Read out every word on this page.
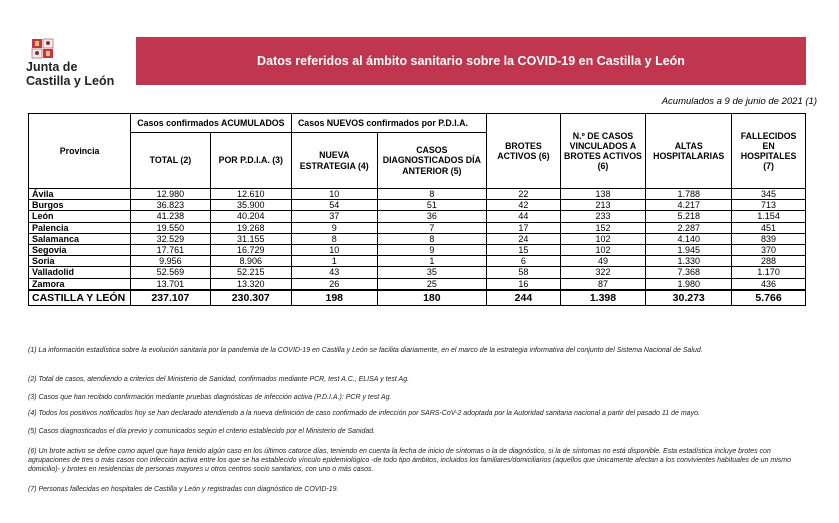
Junta de
Castilla y León
Datos referidos al ámbito sanitario sobre la COVID-19 en Castilla y León
Acumulados a 9 de junio de 2021 (1)
Provincia	Casos confirmados ACUMULADOS		Casos NUEVOS confirmados por P.D.I.A.		BROTES ACTIVOS (6)	N.º DE CASOS VINCULADOS A BROTES ACTIVOS (6)	ALTAS HOSPITALARIAS	FALLECIDOS EN HOSPITALES (7)
	TOTAL (2)	POR P.D.I.A. (3)	NUEVA ESTRATEGIA (4)	CASOS DIAGNOSTICADOS DÍA ANTERIOR (5)				
Ávila	12.980	12.610	10	8	22	138	1.788	345
Burgos	36.823	35.900	54	51	42	213	4.217	713
León	41.238	40.204	37	36	44	233	5.218	1.154
Palencia	19.550	19.268	9	7	17	152	2.287	451
Salamanca	32.529	31.155	8	8	24	102	4.140	839
Segovia	17.761	16.729	10	9	15	102	1.945	370
Soria	9.956	8.906	1	1	6	49	1.330	288
Valladolid	52.569	52.215	43	35	58	322	7.368	1.170
Zamora	13.701	13.320	26	25	16	87	1.980	436
CASTILLA Y LEÓN	237.107	230.307	198	180	244	1.398	30.273	5.766

(1) La información estadística sobre la evolución sanitaria por la pandemia de la COVID-19 en Castilla y León se facilita diariamente, en el marco de la estrategia informativa del conjunto del Sistema Nacional de Salud.

(2) Total de casos, atendiendo a criterios del Ministerio de Sanidad, confirmados mediante PCR, test A.C., ELISA y test Ag.

(3) Casos que han recibido confirmación mediante pruebas diagnósticas de infección activa (P.D.I.A.): PCR y test Ag.

(4) Todos los positivos notificados hoy se han declarado atendiendo a la nueva definición de caso confirmado de infección por SARS-CoV-2 adoptada por la Autoridad sanitaria nacional a partir del pasado 11 de mayo.

(5) Casos diagnosticados el día previo y comunicados según el criterio establecido por el Ministerio de Sanidad.

(6) Un brote activo se define como aquel que haya tenido algún caso en los últimos catorce días, teniendo en cuenta la fecha de inicio de síntomas o la de diagnóstico, si la de síntomas no está disponible. Esta estadística incluye brotes con agrupaciones de tres o más casos con infección activa entre los que se ha establecido vínculo epidemiológico -de todo tipo ámbitos, incluidos los familiares/domiciliarios (aquellos que únicamente afectan a los convivientes habituales de un mismo domicilio)- y brotes en residencias de personas mayores u otros centros socio sanitarios, con uno o más casos.

(7) Personas fallecidas en hospitales de Castilla y León y registradas con diagnóstico de COVID-19.
